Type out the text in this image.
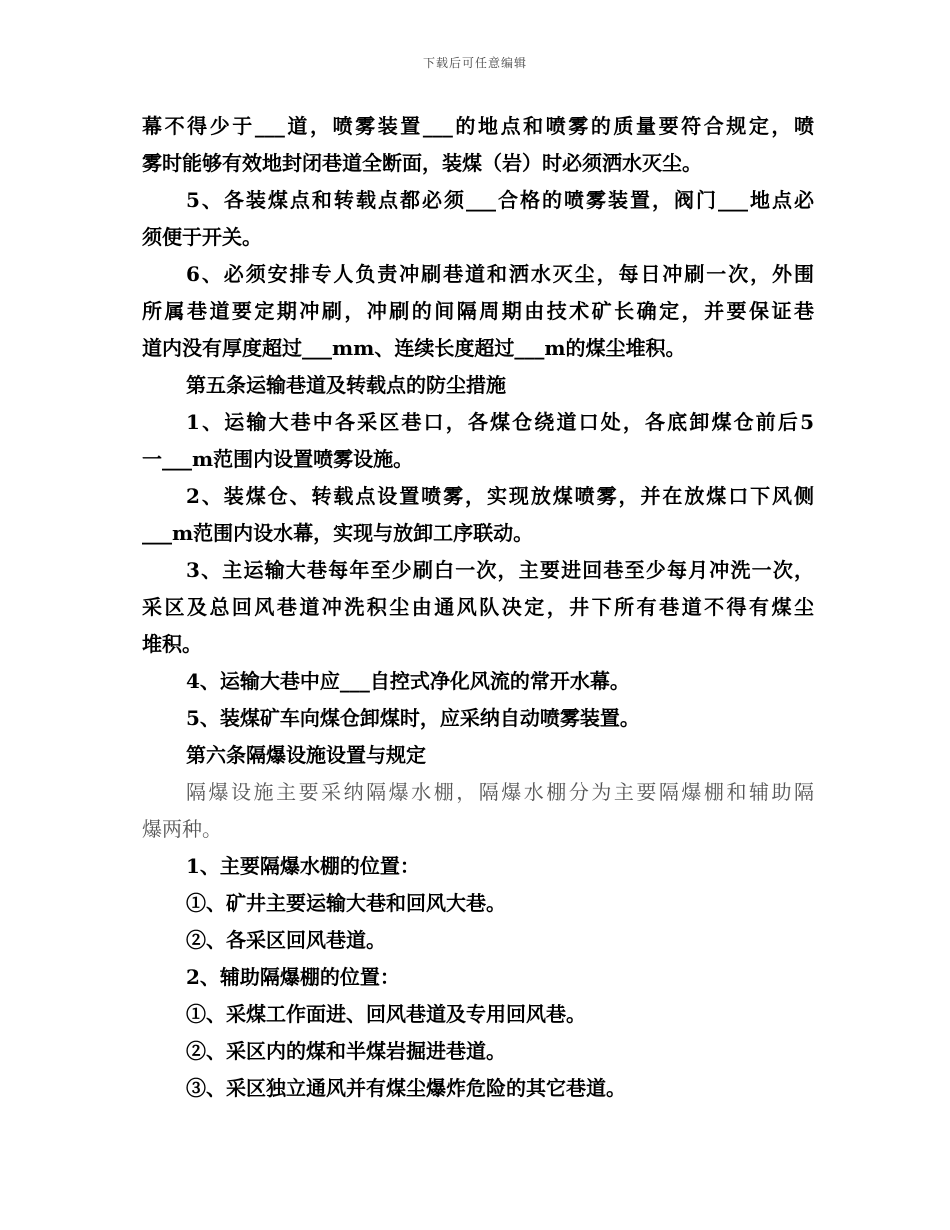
下载后可任意编辑
幕不得少于___道，喷雾装置___的地点和喷雾的质量要符合规定，喷
雾时能够有效地封闭巷道全断面，装煤（岩）时必须洒水灭尘。
5、各装煤点和转载点都必须___合格的喷雾装置，阀门___地点必
须便于开关。
6、必须安排专人负责冲刷巷道和洒水灭尘，每日冲刷一次，外围
所属巷道要定期冲刷，冲刷的间隔周期由技术矿长确定，并要保证巷
道内没有厚度超过___mm、连续长度超过___m的煤尘堆积。
第五条运输巷道及转载点的防尘措施
1、运输大巷中各采区巷口，各煤仓绕道口处，各底卸煤仓前后5
一___m范围内设置喷雾设施。
2、装煤仓、转载点设置喷雾，实现放煤喷雾，并在放煤口下风侧
___m范围内设水幕，实现与放卸工序联动。
3、主运输大巷每年至少刷白一次，主要进回巷至少每月冲洗一次，
采区及总回风巷道冲洗积尘由通风队决定，井下所有巷道不得有煤尘
堆积。
4、运输大巷中应___自控式净化风流的常开水幕。
5、装煤矿车向煤仓卸煤时，应采纳自动喷雾装置。
第六条隔爆设施设置与规定
隔爆设施主要采纳隔爆水棚，隔爆水棚分为主要隔爆棚和辅助隔
爆两种。
1、主要隔爆水棚的位置：
①、矿井主要运输大巷和回风大巷。
②、各采区回风巷道。
2、辅助隔爆棚的位置：
①、采煤工作面进、回风巷道及专用回风巷。
②、采区内的煤和半煤岩掘进巷道。
③、采区独立通风并有煤尘爆炸危险的其它巷道。
